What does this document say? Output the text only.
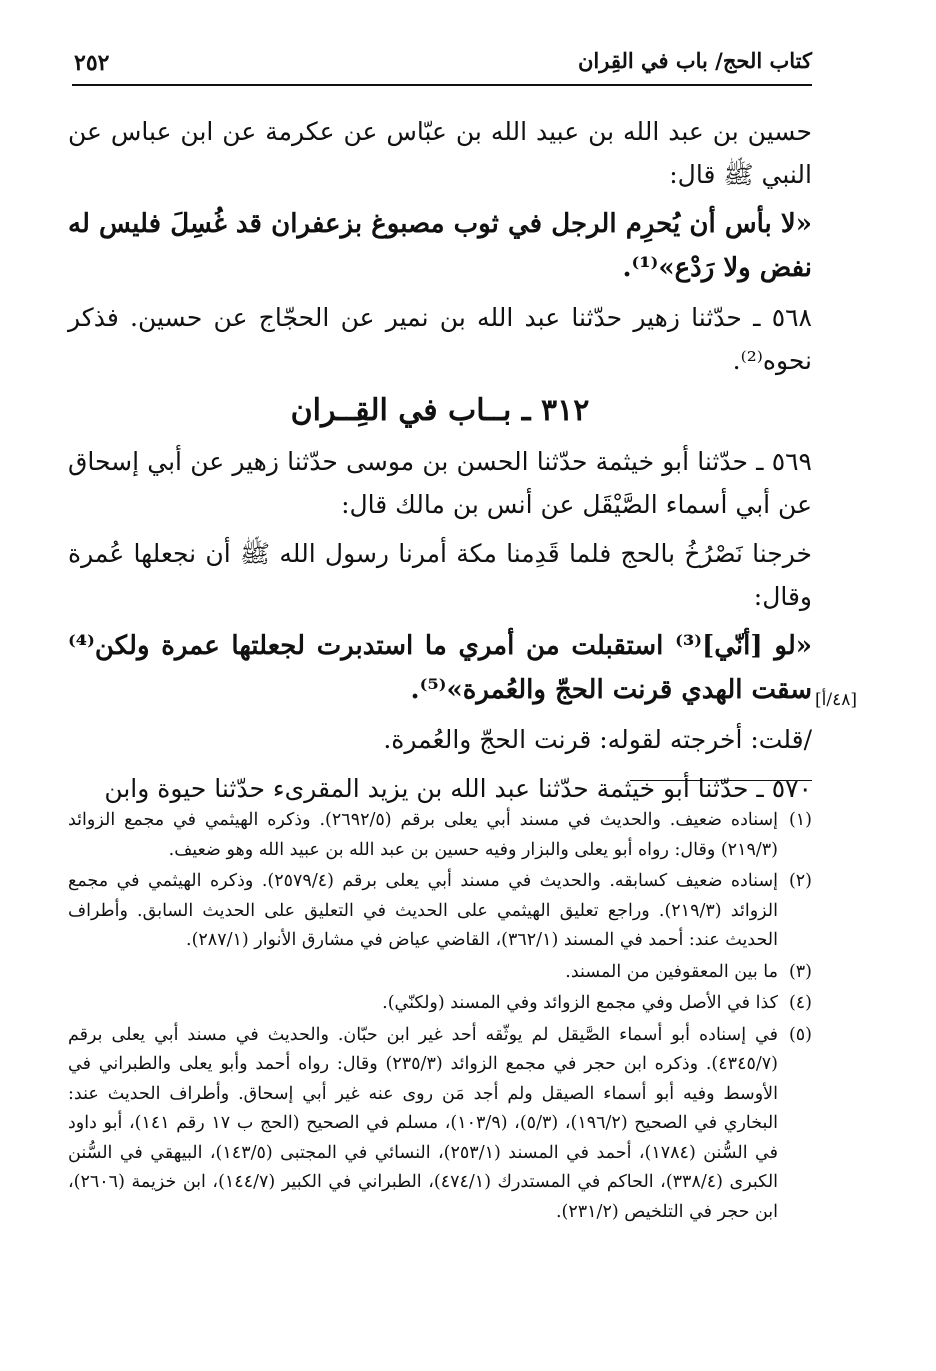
كتاب الحج/ باب في القِران
٢٥٢

حسين بن عبد الله بن عبيد الله بن عبّاس عن عكرمة عن ابن عباس عن النبي ﷺ قال:

«لا بأس أن يُحرِم الرجل في ثوب مصبوغ بزعفران قد غُسِلَ فليس له نفض ولا رَدْع»⁽¹⁾.

٥٦٨ ـ حدّثنا زهير حدّثنا عبد الله بن نمير عن الحجّاج عن حسين. فذكر نحوه⁽²⁾.

٣١٢ ـ بــاب في القِــران

٥٦٩ ـ حدّثنا أبو خيثمة حدّثنا الحسن بن موسى حدّثنا زهير عن أبي إسحاق عن أبي أسماء الصَّيْقَل عن أنس بن مالك قال:

خرجنا نَصْرُخُ بالحج فلما قَدِمنا مكة أمرنا رسول الله ﷺ أن نجعلها عُمرة وقال:

«لو [أنّي]⁽³⁾ استقبلت من أمري ما استدبرت لجعلتها عمرة ولكن⁽⁴⁾ سقت الهدي قرنت الحجّ والعُمرة»⁽⁵⁾.

/قلت: أخرجته لقوله: قرنت الحجّ والعُمرة.

٥٧٠ ـ حدّثنا أبو خيثمة حدّثنا عبد الله بن يزيد المقرىء حدّثنا حيوة وابن

[٤٨/أ]
(١)
إسناده ضعيف. والحديث في مسند أبي يعلى برقم (٢٦٩٢/٥). وذكره الهيثمي في مجمع الزوائد (٢١٩/٣) وقال: رواه أبو يعلى والبزار وفيه حسين بن عبد الله بن عبيد الله وهو ضعيف.
(٢)
إسناده ضعيف كسابقه. والحديث في مسند أبي يعلى برقم (٢٥٧٩/٤). وذكره الهيثمي في مجمع الزوائد (٢١٩/٣). وراجع تعليق الهيثمي على الحديث في التعليق على الحديث السابق. وأطراف الحديث عند: أحمد في المسند (٣٦٢/١)، القاضي عياض في مشارق الأنوار (٢٨٧/١).
(٣)
ما بين المعقوفين من المسند.
(٤)
كذا في الأصل وفي مجمع الزوائد وفي المسند (ولكنّي).
(٥)
في إسناده أبو أسماء الصَّيقل لم يوثّقه أحد غير ابن حبّان. والحديث في مسند أبي يعلى برقم (٤٣٤٥/٧). وذكره ابن حجر في مجمع الزوائد (٢٣٥/٣) وقال: رواه أحمد وأبو يعلى والطبراني في الأوسط وفيه أبو أسماء الصيقل ولم أجد مَن روى عنه غير أبي إسحاق. وأطراف الحديث عند: البخاري في الصحيح (١٩٦/٢)، (٥/٣)، (١٠٣/٩)، مسلم في الصحيح (الحج ب ١٧ رقم ١٤١)، أبو داود في السُّنن (١٧٨٤)، أحمد في المسند (٢٥٣/١)، النسائي في المجتبى (١٤٣/٥)، البيهقي في السُّنن الكبرى (٣٣٨/٤)، الحاكم في المستدرك (٤٧٤/١)، الطبراني في الكبير (١٤٤/٧)، ابن خزيمة (٢٦٠٦)، ابن حجر في التلخيص (٢٣١/٢).
